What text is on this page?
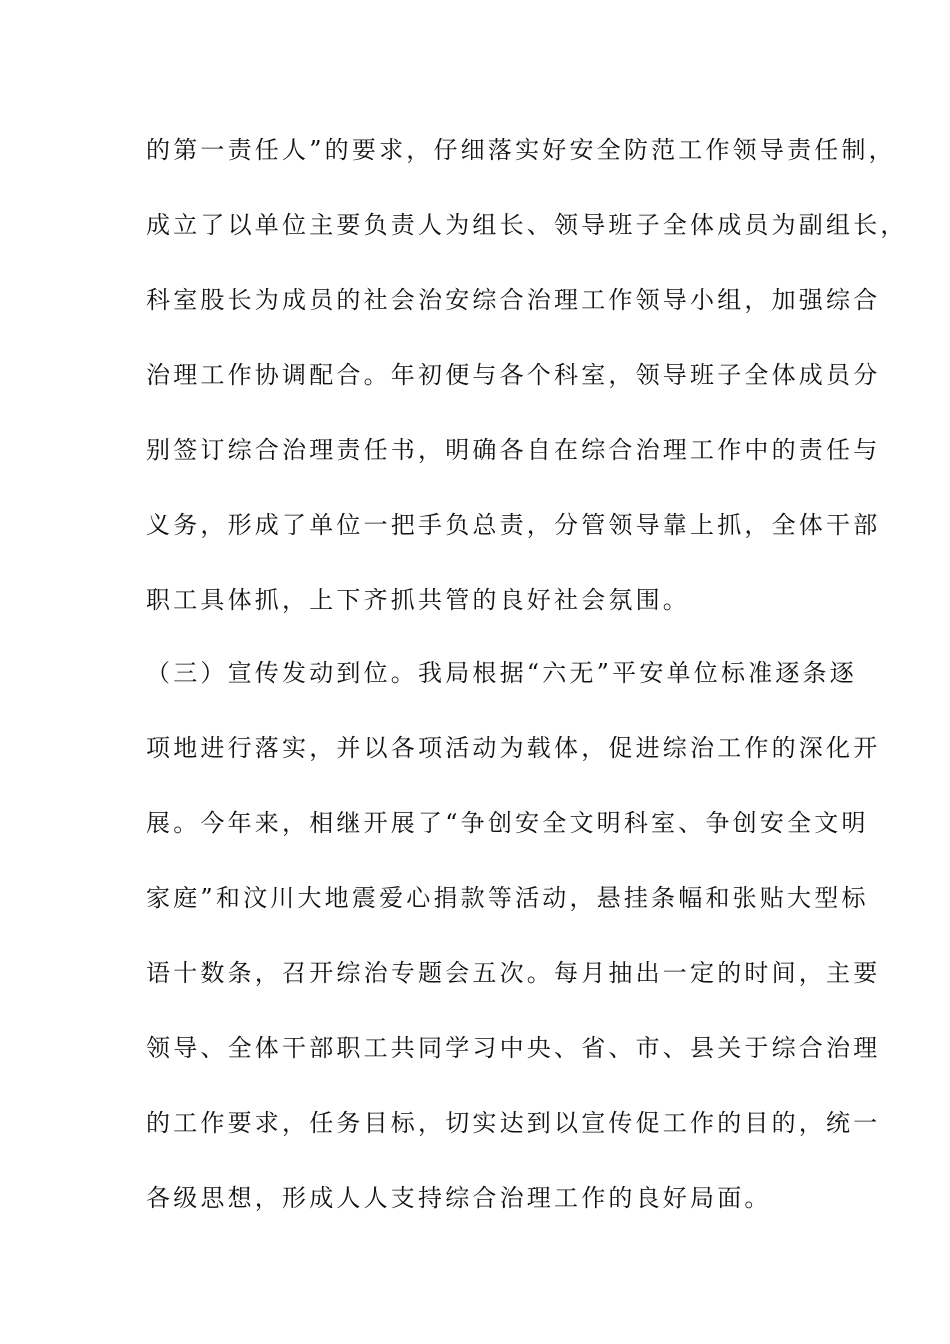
的第一责任人”的要求，仔细落实好安全防范工作领导责任制，
成立了以单位主要负责人为组长、领导班子全体成员为副组长，
科室股长为成员的社会治安综合治理工作领导小组，加强综合
治理工作协调配合。年初便与各个科室，领导班子全体成员分
别签订综合治理责任书，明确各自在综合治理工作中的责任与
义务，形成了单位一把手负总责，分管领导靠上抓，全体干部
职工具体抓，上下齐抓共管的良好社会氛围。
（三）宣传发动到位。我局根据“六无”平安单位标准逐条逐
项地进行落实，并以各项活动为载体，促进综治工作的深化开
展。今年来，相继开展了“争创安全文明科室、争创安全文明
家庭”和汶川大地震爱心捐款等活动，悬挂条幅和张贴大型标
语十数条，召开综治专题会五次。每月抽出一定的时间，主要
领导、全体干部职工共同学习中央、省、市、县关于综合治理
的工作要求，任务目标，切实达到以宣传促工作的目的，统一
各级思想，形成人人支持综合治理工作的良好局面。
